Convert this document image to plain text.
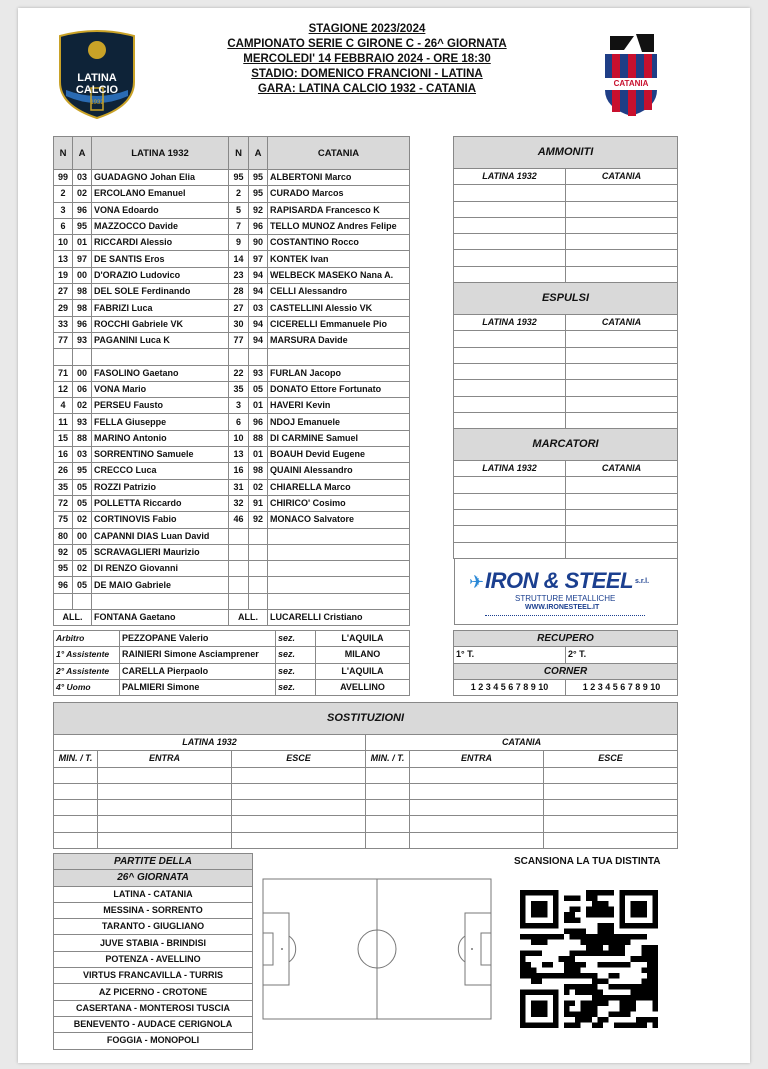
LATINA CALCIO
1932
CATANIA
STAGIONE 2023/2024
CAMPIONATO SERIE C GIRONE C - 26^ GIORNATA
MERCOLEDI' 14 FEBBRAIO 2024 - ORE 18:30
STADIO: DOMENICO FRANCIONI - LATINA
GARA: LATINA CALCIO 1932 - CATANIA
N	A	LATINA 1932	N	A	CATANIA
99	03	GUADAGNO Johan Elia	95	95	ALBERTONI Marco
2	02	ERCOLANO Emanuel	2	95	CURADO Marcos
3	96	VONA Edoardo	5	92	RAPISARDA Francesco K
6	95	MAZZOCCO Davide	7	96	TELLO MUNOZ Andres Felipe
10	01	RICCARDI Alessio	9	90	COSTANTINO Rocco
13	97	DE SANTIS Eros	14	97	KONTEK Ivan
19	00	D'ORAZIO Ludovico	23	94	WELBECK MASEKO Nana A.
27	98	DEL SOLE Ferdinando	28	94	CELLI Alessandro
29	98	FABRIZI Luca	27	03	CASTELLINI Alessio VK
33	96	ROCCHI Gabriele VK	30	94	CICERELLI Emmanuele Pio
77	93	PAGANINI Luca K	77	94	MARSURA Davide

71	00	FASOLINO Gaetano	22	93	FURLAN Jacopo
12	06	VONA Mario	35	05	DONATO Ettore Fortunato
4	02	PERSEU Fausto	3	01	HAVERI Kevin
11	93	FELLA Giuseppe	6	96	NDOJ Emanuele
15	88	MARINO Antonio	10	88	DI CARMINE Samuel
16	03	SORRENTINO Samuele	13	01	BOAUH Devid Eugene
26	95	CRECCO Luca	16	98	QUAINI Alessandro
35	05	ROZZI Patrizio	31	02	CHIARELLA Marco
72	05	POLLETTA Riccardo	32	91	CHIRICO' Cosimo
75	02	CORTINOVIS Fabio	46	92	MONACO Salvatore
80	00	CAPANNI DIAS Luan David			
92	05	SCRAVAGLIERI Maurizio			
95	02	DI RENZO Giovanni			
96	05	DE MAIO Gabriele			

ALL.		FONTANA Gaetano	ALL.		LUCARELLI Cristiano
Arbitro	PEZZOPANE Valerio	sez.	L'AQUILA
1° Assistente	RAINIERI Simone Asciamprener	sez.	MILANO
2° Assistente	CARELLA Pierpaolo	sez.	L'AQUILA
4° Uomo	PALMIERI Simone	sez.	AVELLINO
AMMONITI	
LATINA 1932	CATANIA

ESPULSI	
LATINA 1932	CATANIA

MARCATORI	
LATINA 1932	CATANIA

IRON & STEEL
✈	s.r.l.
STRUTTURE METALLICHE
WWW.IRONESTEEL.IT
RECUPERO	
1° T.	2° T.
CORNER	
1 2 3 4 5 6 7 8 9 10	1 2 3 4 5 6 7 8 9 10
SOSTITUZIONI					
LATINA 1932			CATANIA		
MIN. / T.	ENTRA	ESCE	MIN. / T.	ENTRA	ESCE

PARTITE DELLA
26^ GIORNATA
LATINA - CATANIA
MESSINA - SORRENTO
TARANTO - GIUGLIANO
JUVE STABIA - BRINDISI
POTENZA - AVELLINO
VIRTUS FRANCAVILLA - TURRIS
AZ PICERNO - CROTONE
CASERTANA - MONTEROSI TUSCIA
BENEVENTO - AUDACE CERIGNOLA
FOGGIA - MONOPOLI
SCANSIONA LA TUA DISTINTA
